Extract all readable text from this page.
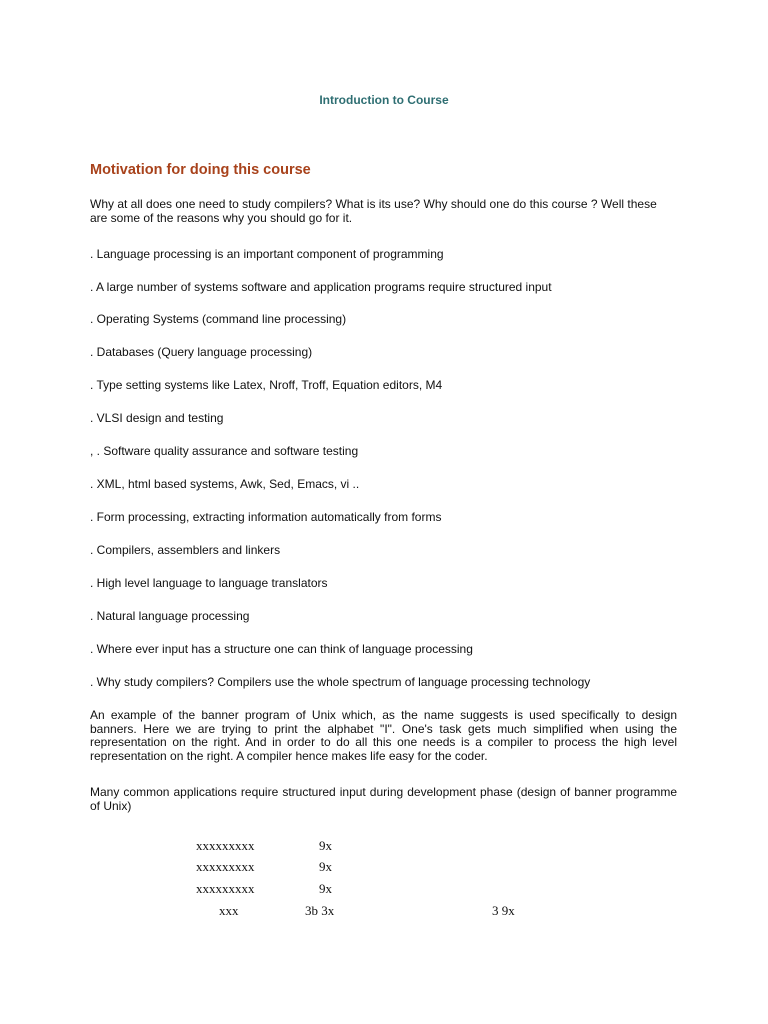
Introduction to Course
Motivation for doing this course
Why at all does one need to study compilers? What is its use? Why should one do this course ? Well these are some of the reasons why you should go for it.
. Language processing is an important component of programming
. A large number of systems software and application programs require structured input
. Operating Systems (command line processing)
. Databases (Query language processing)
. Type setting systems like Latex, Nroff, Troff, Equation editors, M4
. VLSI design and testing
, . Software quality assurance and software testing
. XML, html based systems, Awk, Sed, Emacs, vi ..
. Form processing, extracting information automatically from forms
. Compilers, assemblers and linkers
. High level language to language translators
. Natural language processing
. Where ever input has a structure one can think of language processing
. Why study compilers? Compilers use the whole spectrum of language processing technology
An example of the banner program of Unix which, as the name suggests is used specifically to design banners. Here we are trying to print the alphabet "I". One's task gets much simplified when using the representation on the right. And in order to do all this one needs is a compiler to process the high level representation on the right. A compiler hence makes life easy for the coder.
Many common applications require structured input during development phase (design of banner programme of Unix)
xxxxxxxxx	9x
xxxxxxxxx	9x
xxxxxxxxx	9x
xxx	3b 3x	3 9x
